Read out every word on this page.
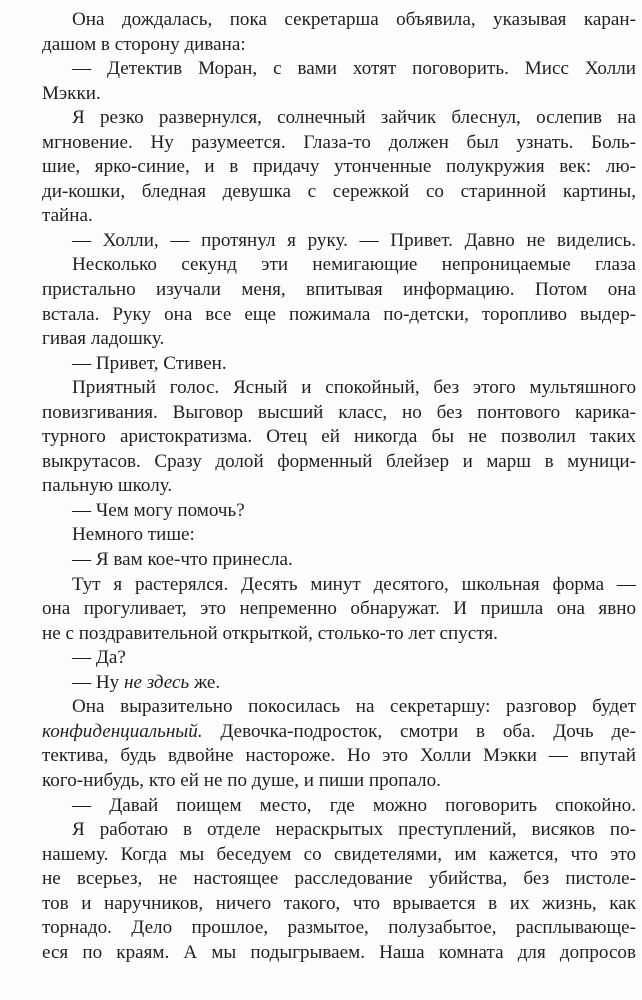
Она дождалась, пока секретарша объявила, указывая каран-
дашом в сторону дивана:
— Детектив Моран, с вами хотят поговорить. Мисс Холли
Мэкки.
Я резко развернулся, солнечный зайчик блеснул, ослепив на
мгновение. Ну разумеется. Глаза-то должен был узнать. Боль-
шие, ярко-синие, и в придачу утонченные полукружия век: лю-
ди-кошки, бледная девушка с сережкой со старинной картины,
тайна.
— Холли, — протянул я руку. — Привет. Давно не виделись.
Несколько секунд эти немигающие непроницаемые глаза
пристально изучали меня, впитывая информацию. Потом она
встала. Руку она все еще пожимала по-детски, торопливо выдер-
гивая ладошку.
— Привет, Стивен.
Приятный голос. Ясный и спокойный, без этого мультяшного
повизгивания. Выговор высший класс, но без понтового карика-
турного аристократизма. Отец ей никогда бы не позволил таких
выкрутасов. Сразу долой форменный блейзер и марш в муници-
пальную школу.
— Чем могу помочь?
Немного тише:
— Я вам кое-что принесла.
Тут я растерялся. Десять минут десятого, школьная форма —
она прогуливает, это непременно обнаружат. И пришла она явно
не с поздравительной открыткой, столько-то лет спустя.
— Да?
— Ну не здесь же.
Она выразительно покосилась на секретаршу: разговор будет
конфиденциальный. Девочка-подросток, смотри в оба. Дочь де-
тектива, будь вдвойне настороже. Но это Холли Мэкки — впутай
кого-нибудь, кто ей не по душе, и пиши пропало.
— Давай поищем место, где можно поговорить спокойно.
Я работаю в отделе нераскрытых преступлений, висяков по-
нашему. Когда мы беседуем со свидетелями, им кажется, что это
не всерьез, не настоящее расследование убийства, без пистоле-
тов и наручников, ничего такого, что врывается в их жизнь, как
торнадо. Дело прошлое, размытое, полузабытое, расплывающе-
еся по краям. А мы подыгрываем. Наша комната для допросов
